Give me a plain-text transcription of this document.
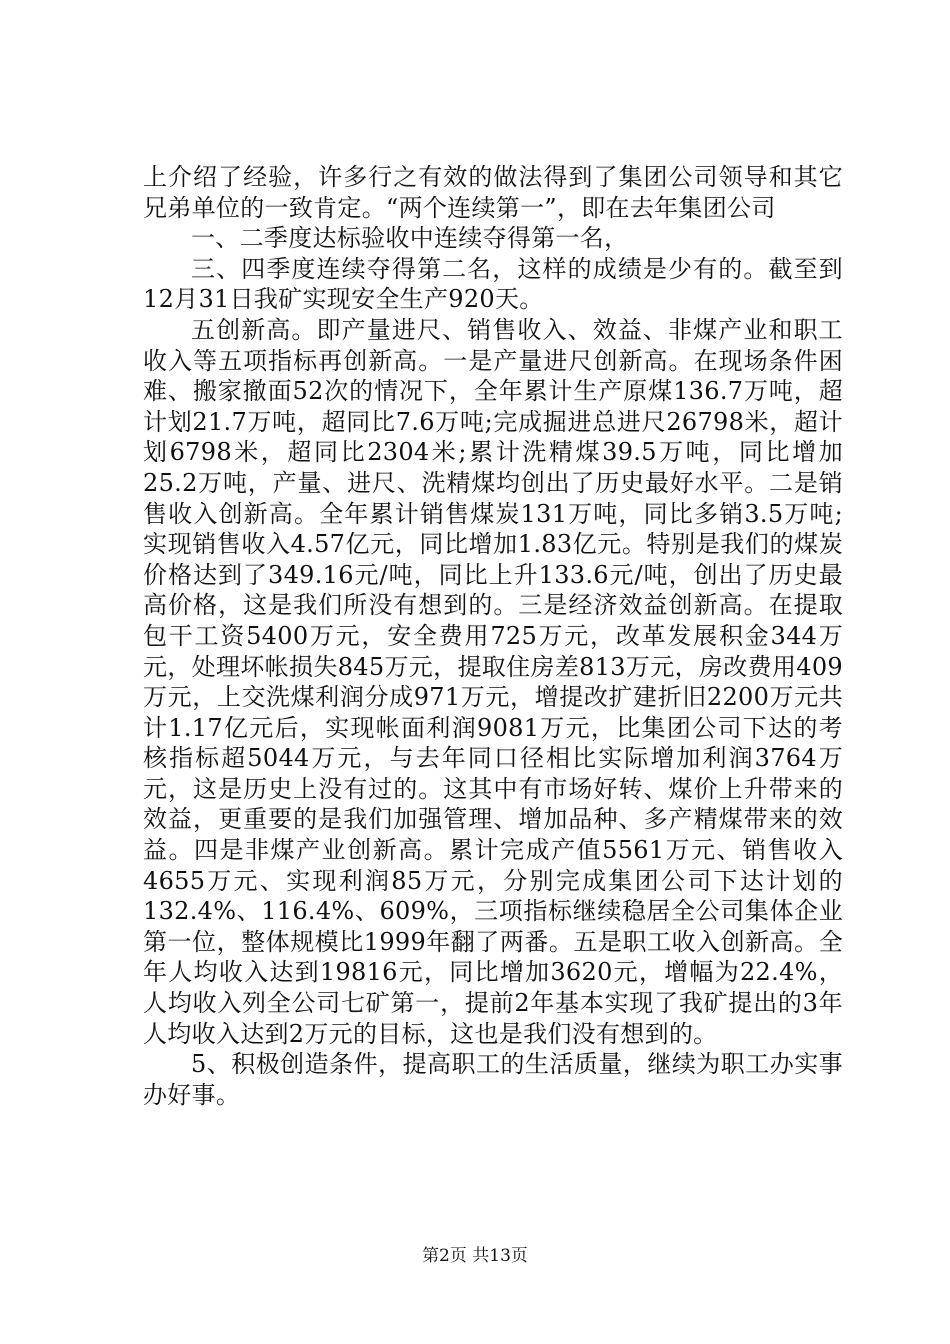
上介绍了经验，许多行之有效的做法得到了集团公司领导和其它兄弟单位的一致肯定。“两个连续第一”，即在去年集团公司

一、二季度达标验收中连续夺得第一名，

三、四季度连续夺得第二名，这样的成绩是少有的。截至到12月31日我矿实现安全生产920天。

五创新高。即产量进尺、销售收入、效益、非煤产业和职工收入等五项指标再创新高。一是产量进尺创新高。在现场条件困难、搬家撤面52次的情况下，全年累计生产原煤136.7万吨，超计划21.7万吨，超同比7.6万吨;完成掘进总进尺26798米，超计划6798米，超同比2304米;累计洗精煤39.5万吨，同比增加25.2万吨，产量、进尺、洗精煤均创出了历史最好水平。二是销售收入创新高。全年累计销售煤炭131万吨，同比多销3.5万吨;实现销售收入4.57亿元，同比增加1.83亿元。特别是我们的煤炭价格达到了349.16元/吨，同比上升133.6元/吨，创出了历史最高价格，这是我们所没有想到的。三是经济效益创新高。在提取包干工资5400万元，安全费用725万元，改革发展积金344万元，处理坏帐损失845万元，提取住房差813万元，房改费用409万元，上交洗煤利润分成971万元，增提改扩建折旧2200万元共计1.17亿元后，实现帐面利润9081万元，比集团公司下达的考核指标超5044万元，与去年同口径相比实际增加利润3764万元，这是历史上没有过的。这其中有市场好转、煤价上升带来的效益，更重要的是我们加强管理、增加品种、多产精煤带来的效益。四是非煤产业创新高。累计完成产值5561万元、销售收入4655万元、实现利润85万元，分别完成集团公司下达计划的132.4%、116.4%、609%，三项指标继续稳居全公司集体企业第一位，整体规模比1999年翻了两番。五是职工收入创新高。全年人均收入达到19816元，同比增加3620元，增幅为22.4%，人均收入列全公司七矿第一，提前2年基本实现了我矿提出的3年人均收入达到2万元的目标，这也是我们没有想到的。

5、积极创造条件，提高职工的生活质量，继续为职工办实事办好事。

第2页 共13页
